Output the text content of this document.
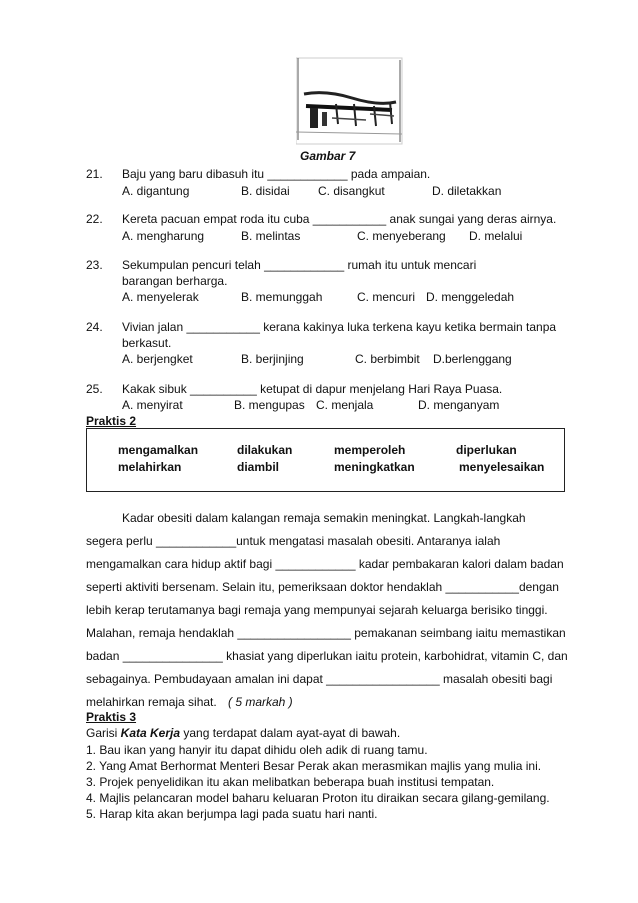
Gambar 7
21. Baju yang baru dibasuh itu ____________ pada ampaian.
A. digantung	B. disidai C. disangkut	D. diletakkan
22. Kereta pacuan empat roda itu cuba ___________ anak sungai yang deras airnya.
A. mengharung	B. melintas	C. menyeberang D. melalui
23. Sekumpulan pencuri telah ____________ rumah itu untuk mencari
barangan berharga.
A. menyelerak	B. memunggah	C. mencuri D. menggeledah
24. Vivian jalan ___________ kerana kakinya luka terkena kayu ketika bermain tanpa
berkasut.
A. berjengket	B. berjinjing	C. berbimbit D.berlenggang
25. Kakak sibuk __________ ketupat di dapur menjelang Hari Raya Puasa.
A. menyirat	B. mengupas C. menjala	D. menganyam
Praktis 2
mengamalkan	dilakukan	memperoleh	diperlukan
melahirkan	diambil	meningkatkan	menyelesaikan
Kadar obesiti dalam kalangan remaja semakin meningkat. Langkah-langkah
segera perlu ____________untuk mengatasi masalah obesiti. Antaranya ialah
mengamalkan cara hidup aktif bagi ____________ kadar pembakaran kalori dalam badan
seperti aktiviti bersenam. Selain itu, pemeriksaan doktor hendaklah ___________dengan
lebih kerap terutamanya bagi remaja yang mempunyai sejarah keluarga berisiko tinggi.
Malahan, remaja hendaklah _________________ pemakanan seimbang iaitu memastikan
badan _______________ khasiat yang diperlukan iaitu protein, karbohidrat, vitamin C, dan
sebagainya. Pembudayaan amalan ini dapat _________________ masalah obesiti bagi
melahirkan remaja sihat. ( 5 markah )
Praktis 3
Garisi Kata Kerja yang terdapat dalam ayat-ayat di bawah.
1. Bau ikan yang hanyir itu dapat dihidu oleh adik di ruang tamu.
2. Yang Amat Berhormat Menteri Besar Perak akan merasmikan majlis yang mulia ini.
3. Projek penyelidikan itu akan melibatkan beberapa buah institusi tempatan.
4. Majlis pelancaran model baharu keluaran Proton itu diraikan secara gilang-gemilang.
5. Harap kita akan berjumpa lagi pada suatu hari nanti.
